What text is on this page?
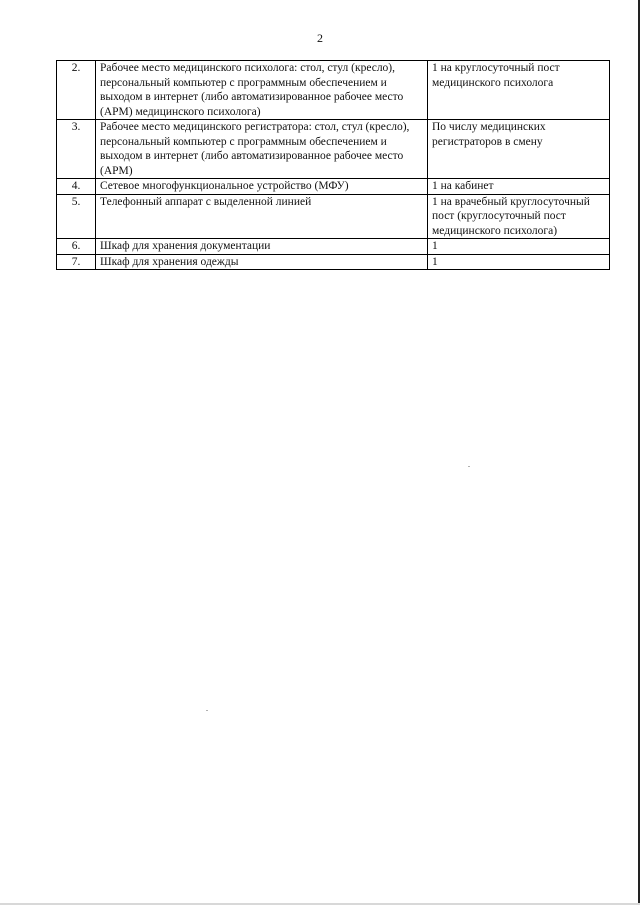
2
2.	Рабочее место медицинского психолога: стол, стул (кресло), персональный компьютер с программным обеспечением и выходом в интернет (либо автоматизированное рабочее место (АРМ) медицинского психолога)	1 на круглосуточный пост медицинского психолога
3.	Рабочее место медицинского регистратора: стол, стул (кресло), персональный компьютер с программным обеспечением и выходом в интернет (либо автоматизированное рабочее место (АРМ)	По числу медицинских регистраторов в смену
4.	Сетевое многофункциональное устройство (МФУ)	1 на кабинет
5.	Телефонный аппарат с выделенной линией	1 на врачебный круглосуточный пост (круглосуточный пост медицинского психолога)
6.	Шкаф для хранения документации	1
7.	Шкаф для хранения одежды	1
